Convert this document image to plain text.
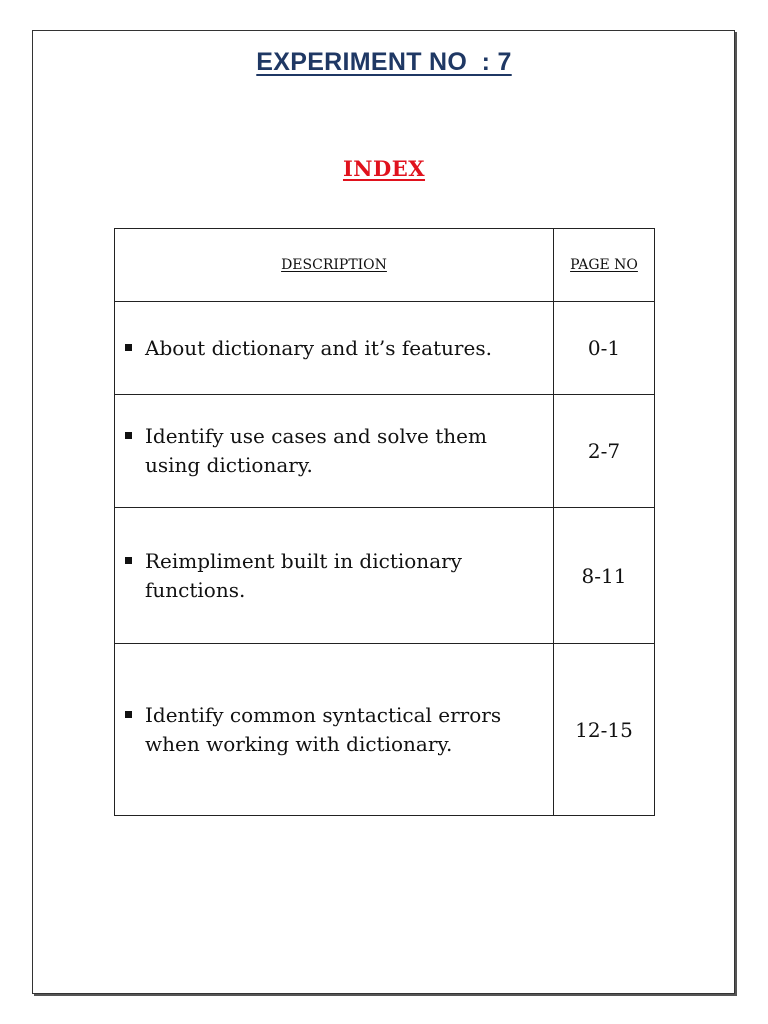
EXPERIMENT NO  : 7
INDEX
DESCRIPTION	PAGE NO

About dictionary and it’s features.	0-1

Identify use cases and solve them using dictionary.	2-7

Reimpliment built in dictionary functions.	8-11

Identify common syntactical errors when working with dictionary.	12-15
